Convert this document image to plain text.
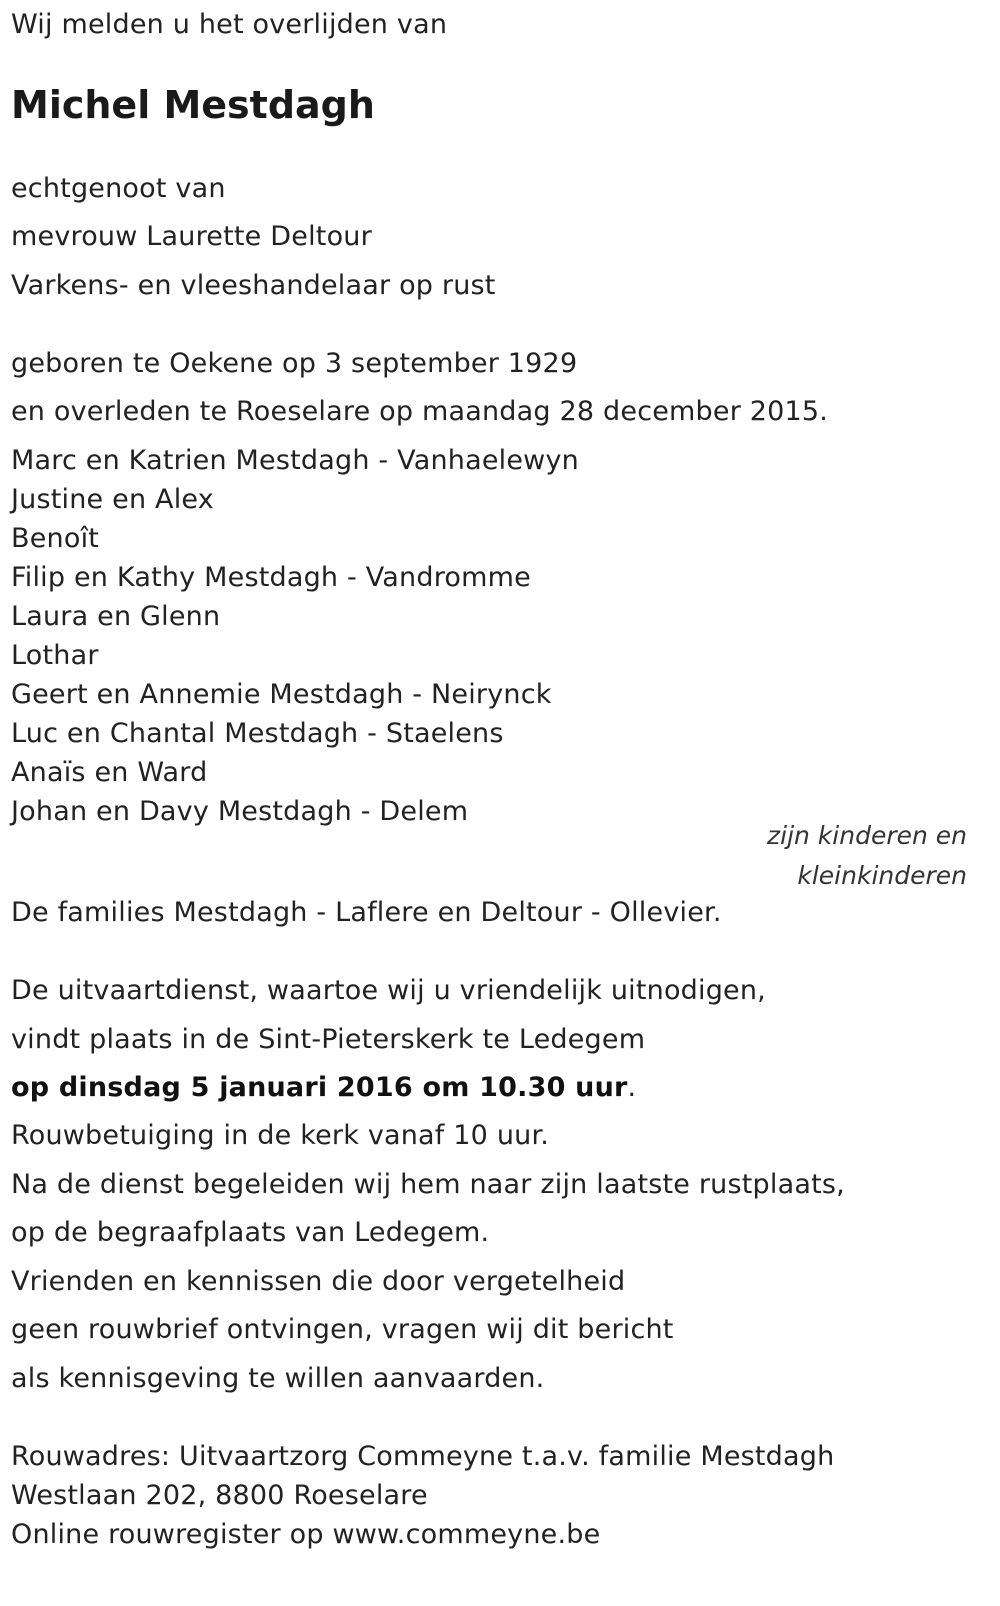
Wij melden u het overlijden van
Michel Mestdagh
echtgenoot van
mevrouw Laurette Deltour
Varkens- en vleeshandelaar op rust
geboren te Oekene op 3 september 1929
en overleden te Roeselare op maandag 28 december 2015.
Marc en Katrien Mestdagh - Vanhaelewyn
Justine en Alex
Benoît
Filip en Kathy Mestdagh - Vandromme
Laura en Glenn
Lothar
Geert en Annemie Mestdagh - Neirynck
Luc en Chantal Mestdagh - Staelens
Anaïs en Ward
Johan en Davy Mestdagh - Delem
zijn kinderen en
kleinkinderen
De families Mestdagh - Laflere en Deltour - Ollevier.
De uitvaartdienst, waartoe wij u vriendelijk uitnodigen,
vindt plaats in de Sint-Pieterskerk te Ledegem
op dinsdag 5 januari 2016 om 10.30 uur.
Rouwbetuiging in de kerk vanaf 10 uur.
Na de dienst begeleiden wij hem naar zijn laatste rustplaats,
op de begraafplaats van Ledegem.
Vrienden en kennissen die door vergetelheid
geen rouwbrief ontvingen, vragen wij dit bericht
als kennisgeving te willen aanvaarden.
Rouwadres: Uitvaartzorg Commeyne t.a.v. familie Mestdagh
Westlaan 202, 8800 Roeselare
Online rouwregister op www.commeyne.be
